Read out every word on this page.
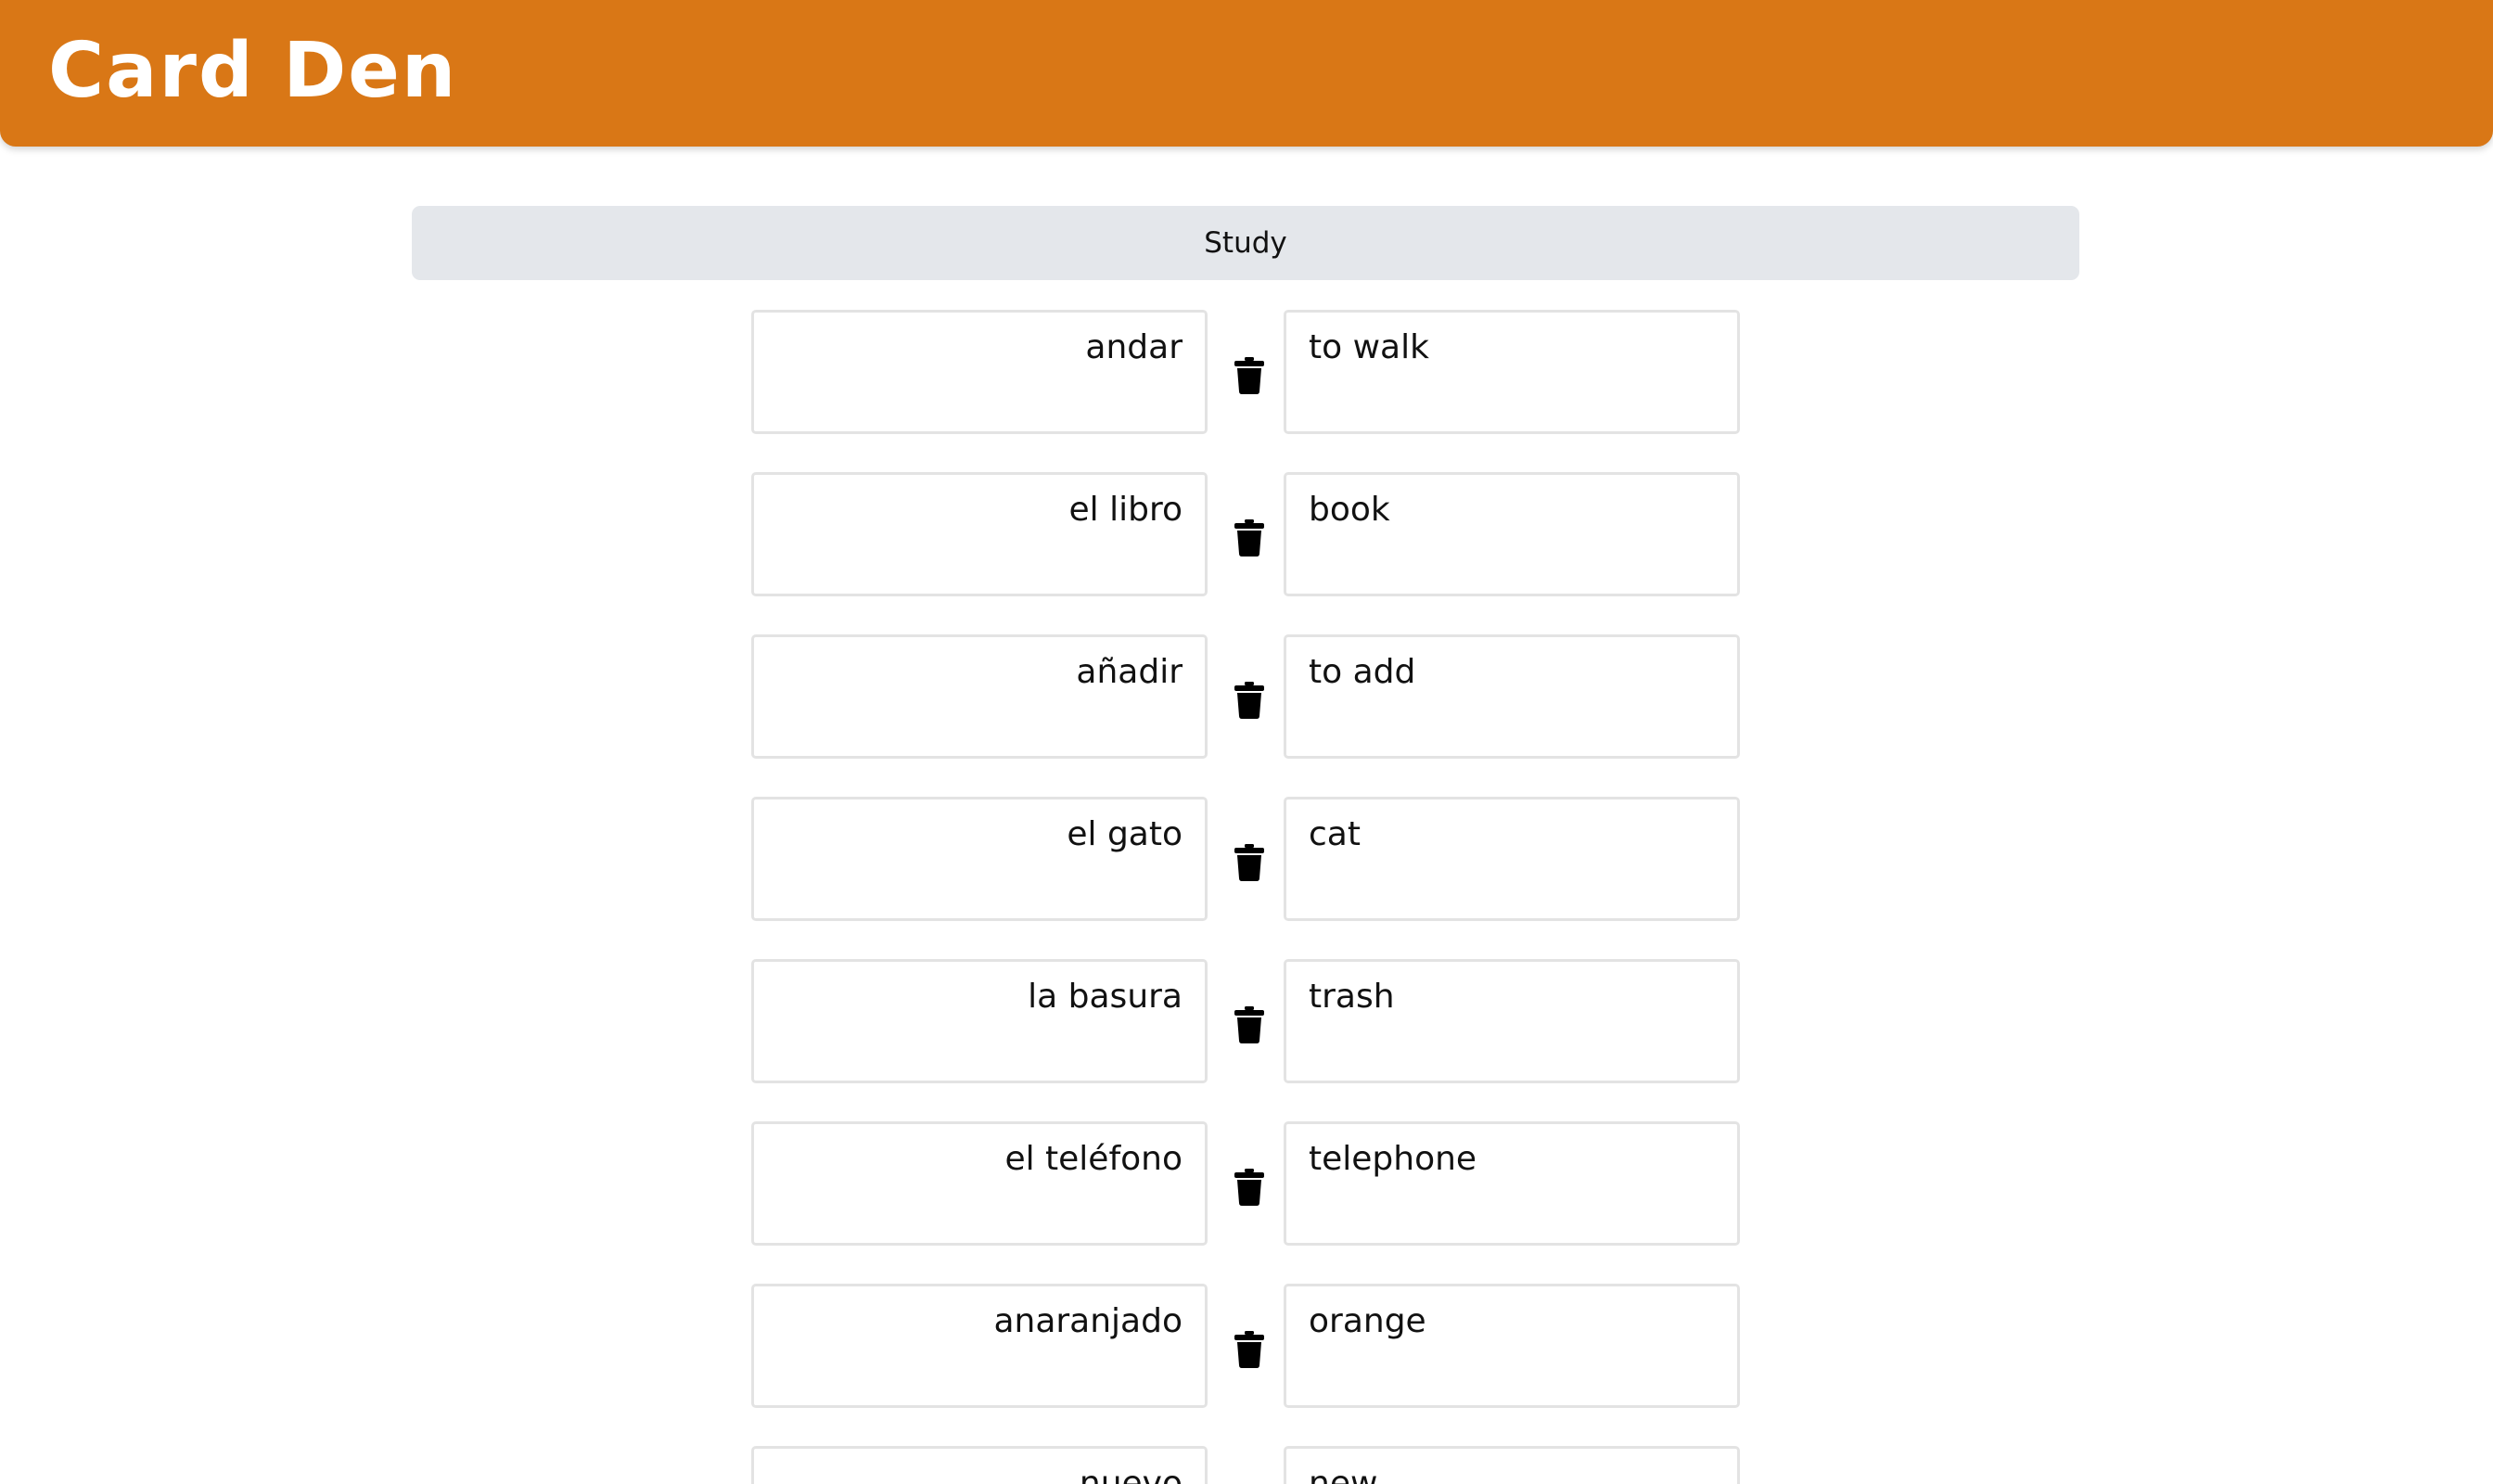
Card Den
Study
andar
to walk
el libro
book
añadir
to add
el gato
cat
la basura
trash
el teléfono
telephone
anaranjado
orange
nuevo
new
